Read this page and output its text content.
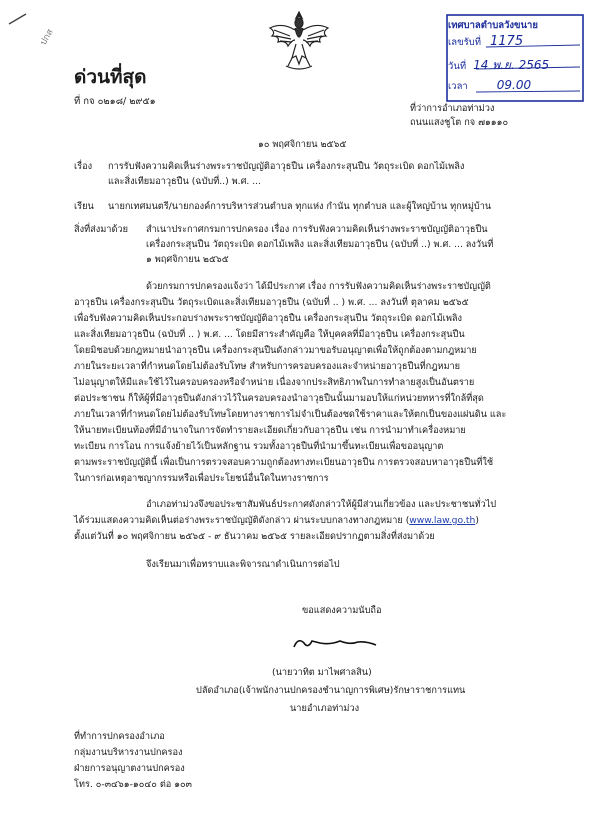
ปกส
ด่วนที่สุด
ที่ กจ ๐๒๑๘/ ๒๙๕๑
เทศบาลตำบลวังขนาย
เลขรับที่ 1175
วันที่ 14 พ.ย. 2565
เวลา 09.00
ที่ว่าการอำเภอท่าม่วง
ถนนแสงชูโต กจ ๗๑๑๑๐
๑๐ พฤศจิกายน ๒๕๖๕
เรื่อง การรับฟังความคิดเห็นร่างพระราชบัญญัติอาวุธปืน เครื่องกระสุนปืน วัตถุระเบิด ดอกไม้เพลิง
และสิ่งเทียมอาวุธปืน (ฉบับที่..) พ.ศ. ...
เรียน นายกเทศมนตรี/นายกองค์การบริหารส่วนตำบล ทุกแห่ง กำนัน ทุกตำบล และผู้ใหญ่บ้าน ทุกหมู่บ้าน
สิ่งที่ส่งมาด้วย สำเนาประกาศกรมการปกครอง เรื่อง การรับฟังความคิดเห็นร่างพระราชบัญญัติอาวุธปืน
เครื่องกระสุนปืน วัตถุระเบิด ดอกไม้เพลิง และสิ่งเทียมอาวุธปืน (ฉบับที่ ..) พ.ศ. ... ลงวันที่
๑ พฤศจิกายน ๒๕๖๕
ด้วยกรมการปกครองแจ้งว่า ได้มีประกาศ เรื่อง การรับฟังความคิดเห็นร่างพระราชบัญญัติ
อาวุธปืน เครื่องกระสุนปืน วัตถุระเบิดและสิ่งเทียมอาวุธปืน (ฉบับที่ .. ) พ.ศ. ... ลงวันที่ ตุลาคม ๒๕๖๕
เพื่อรับฟังความคิดเห็นประกอบร่างพระราชบัญญัติอาวุธปืน เครื่องกระสุนปืน วัตถุระเบิด ดอกไม้เพลิง
และสิ่งเทียมอาวุธปืน (ฉบับที่ .. ) พ.ศ. ... โดยมีสาระสำคัญคือ ให้บุคคลที่มีอาวุธปืน เครื่องกระสุนปืน
โดยมิชอบด้วยกฎหมายนำอาวุธปืน เครื่องกระสุนปืนดังกล่าวมาขอรับอนุญาตเพื่อให้ถูกต้องตามกฎหมาย
ภายในระยะเวลาที่กำหนดโดยไม่ต้องรับโทษ สำหรับการครอบครองและจำหน่ายอาวุธปืนที่กฎหมาย
ไม่อนุญาตให้มีและใช้ไว้ในครอบครองหรือจำหน่าย เนื่องจากประสิทธิภาพในการทำลายสูงเป็นอันตราย
ต่อประชาชน ก็ให้ผู้ที่มีอาวุธปืนดังกล่าวไว้ในครอบครองนำอาวุธปืนนั้นมามอบให้แก่หน่วยทหารที่ใกล้ที่สุด
ภายในเวลาที่กำหนดโดยไม่ต้องรับโทษโดยทางราชการไม่จำเป็นต้องชดใช้ราคาและให้ตกเป็นของแผ่นดิน และ
ให้นายทะเบียนท้องที่มีอำนาจในการจัดทำรายละเอียดเกี่ยวกับอาวุธปืน เช่น การนำมาทำเครื่องหมาย
ทะเบียน การโอน การแจ้งย้ายไว้เป็นหลักฐาน รวมทั้งอาวุธปืนที่นำมาขึ้นทะเบียนเพื่อขออนุญาต
ตามพระราชบัญญัตินี้ เพื่อเป็นการตรวจสอบความถูกต้องทางทะเบียนอาวุธปืน การตรวจสอบหาอาวุธปืนที่ใช้
ในการก่อเหตุอาชญากรรมหรือเพื่อประโยชน์อื่นใดในทางราชการ
อำเภอท่าม่วงจึงขอประชาสัมพันธ์ประกาศดังกล่าวให้ผู้มีส่วนเกี่ยวข้อง และประชาชนทั่วไป
ได้ร่วมแสดงความคิดเห็นต่อร่างพระราชบัญญัติดังกล่าว ผ่านระบบกลางทางกฎหมาย (www.law.go.th)
ตั้งแต่วันที่ ๑๐ พฤศจิกายน ๒๕๖๕ - ๙ ธันวาคม ๒๕๖๕ รายละเอียดปรากฏตามสิ่งที่ส่งมาด้วย
จึงเรียนมาเพื่อทราบและพิจารณาดำเนินการต่อไป
ขอแสดงความนับถือ
(นายวาทิต มาไพศาลสิน)
ปลัดอำเภอ(เจ้าพนักงานปกครองชำนาญการพิเศษ)รักษาราชการแทน
นายอำเภอท่าม่วง
ที่ทำการปกครองอำเภอ
กลุ่มงานบริหารงานปกครอง
ฝ่ายการอนุญาตงานปกครอง
โทร. ๐-๓๔๖๑-๑๐๔๐ ต่อ ๑๐๓
